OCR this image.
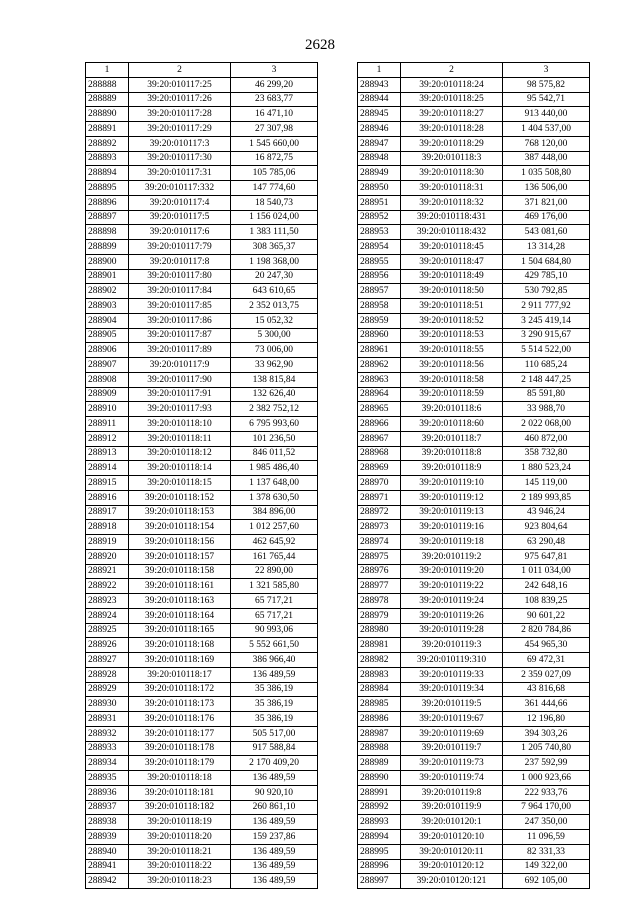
2628
1	2	3
288888	39:20:010117:25	46 299,20
288889	39:20:010117:26	23 683,77
288890	39:20:010117:28	16 471,10
288891	39:20:010117:29	27 307,98
288892	39:20:010117:3	1 545 660,00
288893	39:20:010117:30	16 872,75
288894	39:20:010117:31	105 785,06
288895	39:20:010117:332	147 774,60
288896	39:20:010117:4	18 540,73
288897	39:20:010117:5	1 156 024,00
288898	39:20:010117:6	1 383 111,50
288899	39:20:010117:79	308 365,37
288900	39:20:010117:8	1 198 368,00
288901	39:20:010117:80	20 247,30
288902	39:20:010117:84	643 610,65
288903	39:20:010117:85	2 352 013,75
288904	39:20:010117:86	15 052,32
288905	39:20:010117:87	5 300,00
288906	39:20:010117:89	73 006,00
288907	39:20:010117:9	33 962,90
288908	39:20:010117:90	138 815,84
288909	39:20:010117:91	132 626,40
288910	39:20:010117:93	2 382 752,12
288911	39:20:010118:10	6 795 993,60
288912	39:20:010118:11	101 236,50
288913	39:20:010118:12	846 011,52
288914	39:20:010118:14	1 985 486,40
288915	39:20:010118:15	1 137 648,00
288916	39:20:010118:152	1 378 630,50
288917	39:20:010118:153	384 896,00
288918	39:20:010118:154	1 012 257,60
288919	39:20:010118:156	462 645,92
288920	39:20:010118:157	161 765,44
288921	39:20:010118:158	22 890,00
288922	39:20:010118:161	1 321 585,80
288923	39:20:010118:163	65 717,21
288924	39:20:010118:164	65 717,21
288925	39:20:010118:165	90 993,06
288926	39:20:010118:168	5 552 661,50
288927	39:20:010118:169	386 966,40
288928	39:20:010118:17	136 489,59
288929	39:20:010118:172	35 386,19
288930	39:20:010118:173	35 386,19
288931	39:20:010118:176	35 386,19
288932	39:20:010118:177	505 517,00
288933	39:20:010118:178	917 588,84
288934	39:20:010118:179	2 170 409,20
288935	39:20:010118:18	136 489,59
288936	39:20:010118:181	90 920,10
288937	39:20:010118:182	260 861,10
288938	39:20:010118:19	136 489,59
288939	39:20:010118:20	159 237,86
288940	39:20:010118:21	136 489,59
288941	39:20:010118:22	136 489,59
288942	39:20:010118:23	136 489,59
1	2	3
288943	39:20:010118:24	98 575,82
288944	39:20:010118:25	95 542,71
288945	39:20:010118:27	913 440,00
288946	39:20:010118:28	1 404 537,00
288947	39:20:010118:29	768 120,00
288948	39:20:010118:3	387 448,00
288949	39:20:010118:30	1 035 508,80
288950	39:20:010118:31	136 506,00
288951	39:20:010118:32	371 821,00
288952	39:20:010118:431	469 176,00
288953	39:20:010118:432	543 081,60
288954	39:20:010118:45	13 314,28
288955	39:20:010118:47	1 504 684,80
288956	39:20:010118:49	429 785,10
288957	39:20:010118:50	530 792,85
288958	39:20:010118:51	2 911 777,92
288959	39:20:010118:52	3 245 419,14
288960	39:20:010118:53	3 290 915,67
288961	39:20:010118:55	5 514 522,00
288962	39:20:010118:56	110 685,24
288963	39:20:010118:58	2 148 447,25
288964	39:20:010118:59	85 591,80
288965	39:20:010118:6	33 988,70
288966	39:20:010118:60	2 022 068,00
288967	39:20:010118:7	460 872,00
288968	39:20:010118:8	358 732,80
288969	39:20:010118:9	1 880 523,24
288970	39:20:010119:10	145 119,00
288971	39:20:010119:12	2 189 993,85
288972	39:20:010119:13	43 946,24
288973	39:20:010119:16	923 804,64
288974	39:20:010119:18	63 290,48
288975	39:20:010119:2	975 647,81
288976	39:20:010119:20	1 011 034,00
288977	39:20:010119:22	242 648,16
288978	39:20:010119:24	108 839,25
288979	39:20:010119:26	90 601,22
288980	39:20:010119:28	2 820 784,86
288981	39:20:010119:3	454 965,30
288982	39:20:010119:310	69 472,31
288983	39:20:010119:33	2 359 027,09
288984	39:20:010119:34	43 816,68
288985	39:20:010119:5	361 444,66
288986	39:20:010119:67	12 196,80
288987	39:20:010119:69	394 303,26
288988	39:20:010119:7	1 205 740,80
288989	39:20:010119:73	237 592,99
288990	39:20:010119:74	1 000 923,66
288991	39:20:010119:8	222 933,76
288992	39:20:010119:9	7 964 170,00
288993	39:20:010120:1	247 350,00
288994	39:20:010120:10	11 096,59
288995	39:20:010120:11	82 331,33
288996	39:20:010120:12	149 322,00
288997	39:20:010120:121	692 105,00
